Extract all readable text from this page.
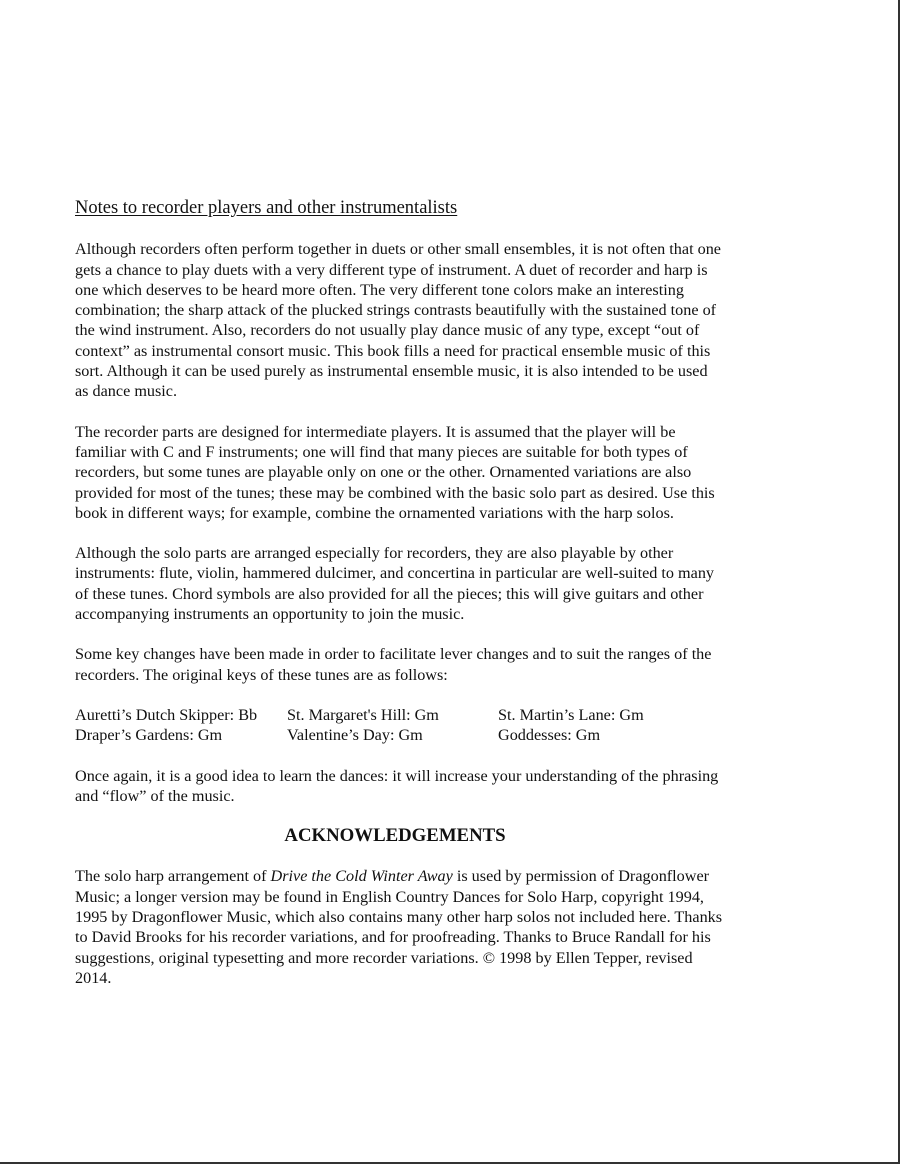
Notes to recorder players and other instrumentalists

Although recorders often perform together in duets or other small ensembles, it is not often that one gets a chance to play duets with a very different type of instrument. A duet of recorder and harp is one which deserves to be heard more often. The very different tone colors make an interesting combination; the sharp attack of the plucked strings contrasts beautifully with the sustained tone of the wind instrument. Also, recorders do not usually play dance music of any type, except “out of context” as instrumental consort music. This book fills a need for practical ensemble music of this sort. Although it can be used purely as instrumental ensemble music, it is also intended to be used as dance music.

The recorder parts are designed for intermediate players. It is assumed that the player will be familiar with C and F instruments; one will find that many pieces are suitable for both types of recorders, but some tunes are playable only on one or the other. Ornamented variations are also provided for most of the tunes; these may be combined with the basic solo part as desired. Use this book in different ways; for example, combine the ornamented variations with the harp solos.

Although the solo parts are arranged especially for recorders, they are also playable by other instruments: flute, violin, hammered dulcimer, and concertina in particular are well-suited to many of these tunes. Chord symbols are also provided for all the pieces; this will give guitars and other accompanying instruments an opportunity to join the music.

Some key changes have been made in order to facilitate lever changes and to suit the ranges of the recorders. The original keys of these tunes are as follows:

Auretti’s Dutch Skipper: Bb	St. Margaret's Hill: Gm	St. Martin’s Lane: Gm
Draper’s Gardens: Gm	Valentine’s Day: Gm	Goddesses: Gm

Once again, it is a good idea to learn the dances: it will increase your understanding of the phrasing and “flow” of the music.

ACKNOWLEDGEMENTS

The solo harp arrangement of Drive the Cold Winter Away is used by permission of Dragonflower Music; a longer version may be found in English Country Dances for Solo Harp, copyright 1994, 1995 by Dragonflower Music, which also contains many other harp solos not included here. Thanks to David Brooks for his recorder variations, and for proofreading. Thanks to Bruce Randall for his suggestions, original typesetting and more recorder variations. © 1998 by Ellen Tepper, revised 2014.
